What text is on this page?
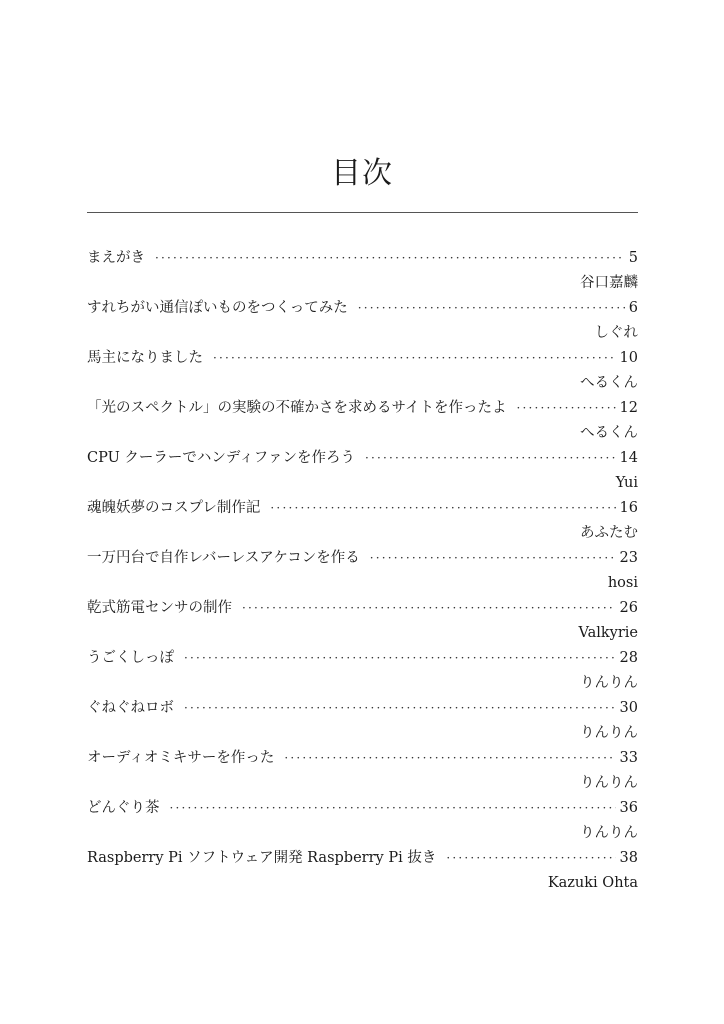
目次
まえがき ·····	5
谷口嘉麟
すれちがい通信ぽいものをつくってみた ·····	6
しぐれ
馬主になりました ·····	10
へるくん
「光のスペクトル」の実験の不確かさを求めるサイトを作ったよ ·····	12
へるくん
CPU クーラーでハンディファンを作ろう ·····	14
Yui
魂魄妖夢のコスプレ制作記 ·····	16
あふたむ
一万円台で自作レバーレスアケコンを作る ·····	23
hosi
乾式筋電センサの制作 ·····	26
Valkyrie
うごくしっぽ ·····	28
りんりん
ぐねぐねロボ ·····	30
りんりん
オーディオミキサーを作った ·····	33
りんりん
どんぐり茶 ·····	36
りんりん
Raspberry Pi ソフトウェア開発 Raspberry Pi 抜き ·····	38
Kazuki Ohta
